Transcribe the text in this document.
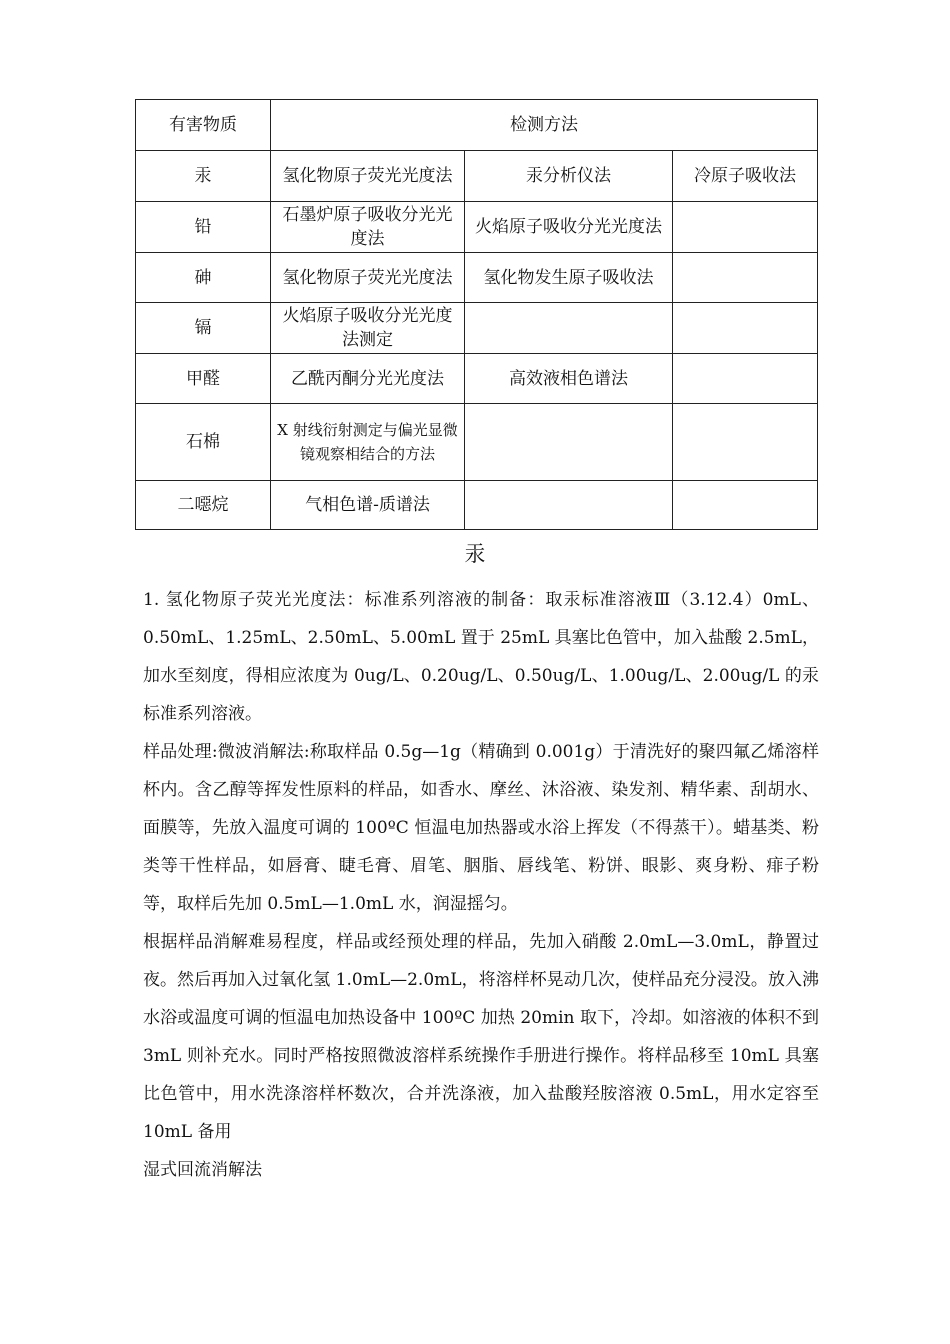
有害物质	检测方法		
汞	氢化物原子荧光光度法	汞分析仪法	冷原子吸收法
铅	石墨炉原子吸收分光光度法	火焰原子吸收分光光度法	
砷	氢化物原子荧光光度法	氢化物发生原子吸收法	
镉	火焰原子吸收分光光度法测定		
甲醛	乙酰丙酮分光光度法	高效液相色谱法	
石棉	X 射线衍射测定与偏光显微镜观察相结合的方法		
二噁烷	气相色谱-质谱法		
汞

1. 氢化物原子荧光光度法：标准系列溶液的制备：取汞标准溶液Ⅲ（3.12.4）0mL、0.50mL、1.25mL、2.50mL、5.00mL 置于 25mL 具塞比色管中，加入盐酸 2.5mL，加水至刻度，得相应浓度为 0ug/L、0.20ug/L、0.50ug/L、1.00ug/L、2.00ug/L 的汞标准系列溶液。

样品处理:微波消解法:称取样品 0.5g—1g（精确到 0.001g）于清洗好的聚四氟乙烯溶样杯内。含乙醇等挥发性原料的样品，如香水、摩丝、沐浴液、染发剂、精华素、刮胡水、面膜等，先放入温度可调的 100ºC 恒温电加热器或水浴上挥发（不得蒸干）。蜡基类、粉类等干性样品，如唇膏、睫毛膏、眉笔、胭脂、唇线笔、粉饼、眼影、爽身粉、痱子粉等，取样后先加 0.5mL—1.0mL 水，润湿摇匀。

根据样品消解难易程度，样品或经预处理的样品，先加入硝酸 2.0mL—3.0mL，静置过夜。然后再加入过氧化氢 1.0mL—2.0mL，将溶样杯晃动几次，使样品充分浸没。放入沸水浴或温度可调的恒温电加热设备中 100ºC 加热 20min 取下，冷却。如溶液的体积不到 3mL 则补充水。同时严格按照微波溶样系统操作手册进行操作。将样品移至 10mL 具塞比色管中，用水洗涤溶样杯数次，合并洗涤液，加入盐酸羟胺溶液 0.5mL，用水定容至 10mL 备用

湿式回流消解法
